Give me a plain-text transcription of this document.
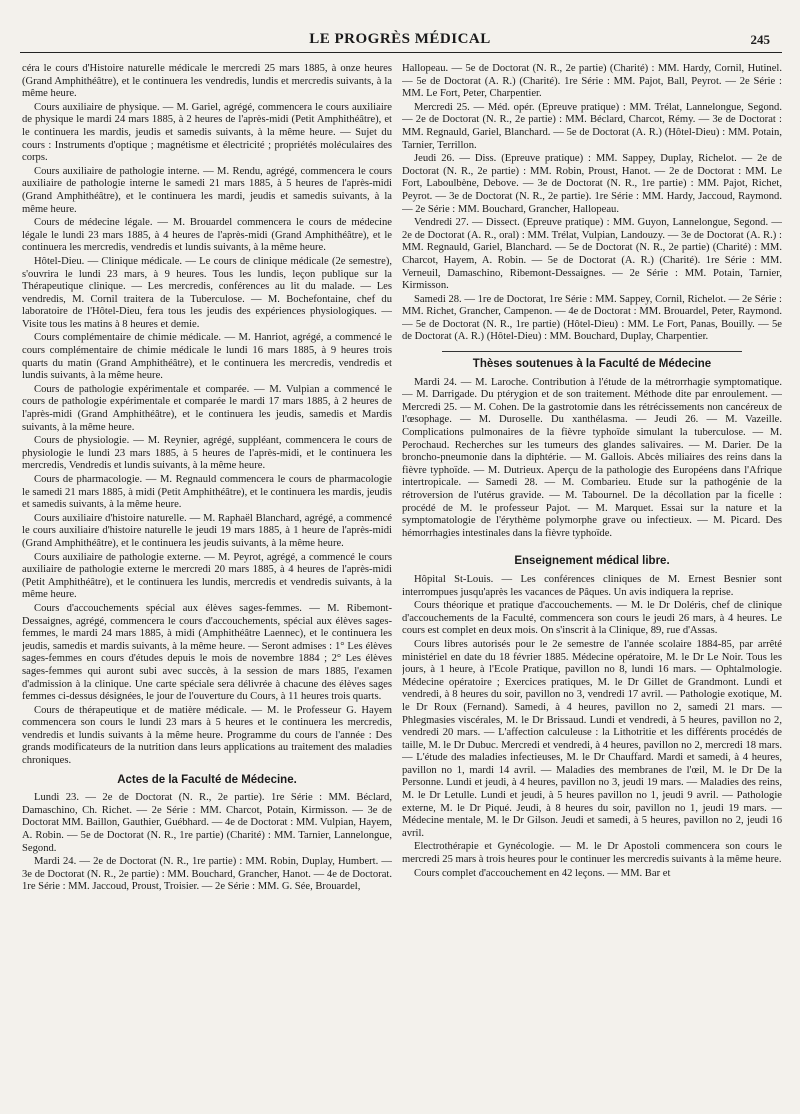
LE PROGRÈS MÉDICAL	245

céra le cours d'Histoire naturelle médicale le mercredi 25 mars 1885, à onze heures (Grand Amphithéâtre), et le continuera les vendredis, lundis et mercredis suivants, à la même heure.

Cours auxiliaire de physique. — M. Gariel, agrégé, commencera le cours auxiliaire de physique le mardi 24 mars 1885, à 2 heures de l'après-midi (Petit Amphithéâtre), et le continuera les mardis, jeudis et samedis suivants, à la même heure. — Sujet du cours : Instruments d'optique ; magnétisme et électricité ; propriétés moléculaires des corps.

Cours auxiliaire de pathologie interne. — M. Rendu, agrégé, commencera le cours auxiliaire de pathologie interne le samedi 21 mars 1885, à 5 heures de l'après-midi (Grand Amphithéâtre), et le continuera les mardi, jeudis et samedis suivants, à la même heure.

Cours de médecine légale. — M. Brouardel commencera le cours de médecine légale le lundi 23 mars 1885, à 4 heures de l'après-midi (Grand Amphithéâtre), et le continuera les mercredis, vendredis et lundis suivants, à la même heure.

Hôtel-Dieu. — Clinique médicale. — Le cours de clinique médicale (2e semestre), s'ouvrira le lundi 23 mars, à 9 heures. Tous les lundis, leçon publique sur la Thérapeutique clinique. — Les mercredis, conférences au lit du malade. — Les vendredis, M. Cornil traitera de la Tuberculose. — M. Bochefontaine, chef du laboratoire de l'Hôtel-Dieu, fera tous les jeudis des expériences physiologiques. — Visite tous les matins à 8 heures et demie.

Cours complémentaire de chimie médicale. — M. Hanriot, agrégé, a commencé le cours complémentaire de chimie médicale le lundi 16 mars 1885, à 9 heures trois quarts du matin (Grand Amphithéâtre), et le continuera les mercredis, vendredis et lundis suivants, à la même heure.

Cours de pathologie expérimentale et comparée. — M. Vulpian a commencé le cours de pathologie expérimentale et comparée le mardi 17 mars 1885, à 2 heures de l'après-midi (Grand Amphithéâtre), et le continuera les jeudis, samedis et Mardis suivants, à la même heure.

Cours de physiologie. — M. Reynier, agrégé, suppléant, commencera le cours de physiologie le lundi 23 mars 1885, à 5 heures de l'après-midi, et le continuera les mercredis, Vendredis et lundis suivants, à la même heure.

Cours de pharmacologie. — M. Regnauld commencera le cours de pharmacologie le samedi 21 mars 1885, à midi (Petit Amphithéâtre), et le continuera les mardis, jeudis et samedis suivants, à la même heure.

Cours auxiliaire d'histoire naturelle. — M. Raphaël Blanchard, agrégé, a commencé le cours auxiliaire d'histoire naturelle le jeudi 19 mars 1885, à 1 heure de l'après-midi (Grand Amphithéâtre), et le continuera les jeudis suivants, à la même heure.

Cours auxiliaire de pathologie externe. — M. Peyrot, agrégé, a commencé le cours auxiliaire de pathologie externe le mercredi 20 mars 1885, à 4 heures de l'après-midi (Petit Amphithéâtre), et le continuera les lundis, mercredis et vendredis suivants, à la même heure.

Cours d'accouchements spécial aux élèves sages-femmes. — M. Ribemont-Dessaignes, agrégé, commencera le cours d'accouchements, spécial aux élèves sages-femmes, le mardi 24 mars 1885, à midi (Amphithéâtre Laennec), et le continuera les jeudis, samedis et mardis suivants, à la même heure. — Seront admises : 1° Les élèves sages-femmes en cours d'études depuis le mois de novembre 1884 ; 2° Les élèves sages-femmes qui auront subi avec succès, à la session de mars 1885, l'examen d'admission à la clinique. Une carte spéciale sera délivrée à chacune des élèves sages femmes ci-dessus désignées, le jour de l'ouverture du Cours, à 11 heures trois quarts.

Cours de thérapeutique et de matière médicale. — M. le Professeur G. Hayem commencera son cours le lundi 23 mars à 5 heures et le continuera les mercredis, vendredis et lundis suivants à la même heure. Programme du cours de l'année : Des grands modificateurs de la nutrition dans leurs applications au traitement des maladies chroniques.

Actes de la Faculté de Médecine.

Lundi 23. — 2e de Doctorat (N. R., 2e partie). 1re Série : MM. Béclard, Damaschino, Ch. Richet. — 2e Série : MM. Charcot, Potain, Kirmisson. — 3e de Doctorat MM. Baillon, Gauthier, Guébhard. — 4e de Doctorat : MM. Vulpian, Hayem, A. Robin. — 5e de Doctorat (N. R., 1re partie) (Charité) : MM. Tarnier, Lannelongue, Segond.

Mardi 24. — 2e de Doctorat (N. R., 1re partie) : MM. Robin, Duplay, Humbert. — 3e de Doctorat (N. R., 2e partie) : MM. Bouchard, Grancher, Hanot. — 4e de Doctorat. 1re Série : MM. Jaccoud, Proust, Troisier. — 2e Série : MM. G. Sée, Brouardel,

Hallopeau. — 5e de Doctorat (N. R., 2e partie) (Charité) : MM. Hardy, Cornil, Hutinel. — 5e de Doctorat (A. R.) (Charité). 1re Série : MM. Pajot, Ball, Peyrot. — 2e Série : MM. Le Fort, Peter, Charpentier.

Mercredi 25. — Méd. opér. (Epreuve pratique) : MM. Trélat, Lannelongue, Segond. — 2e de Doctorat (N. R., 2e partie) : MM. Béclard, Charcot, Rémy. — 3e de Doctorat : MM. Regnauld, Gariel, Blanchard. — 5e de Doctorat (A. R.) (Hôtel-Dieu) : MM. Potain, Tarnier, Terrillon.

Jeudi 26. — Diss. (Epreuve pratique) : MM. Sappey, Duplay, Richelot. — 2e de Doctorat (N. R., 2e partie) : MM. Robin, Proust, Hanot. — 2e de Doctorat : MM. Le Fort, Laboulbène, Debove. — 3e de Doctorat (N. R., 1re partie) : MM. Pajot, Richet, Peyrot. — 3e de Doctorat (N. R., 2e partie). 1re Série : MM. Hardy, Jaccoud, Raymond. — 2e Série : MM. Bouchard, Grancher, Hallopeau.

Vendredi 27. — Dissect. (Epreuve pratique) : MM. Guyon, Lannelongue, Segond. — 2e de Doctorat (A. R., oral) : MM. Trélat, Vulpian, Landouzy. — 3e de Doctorat (A. R.) : MM. Regnauld, Gariel, Blanchard. — 5e de Doctorat (N. R., 2e partie) (Charité) : MM. Charcot, Hayem, A. Robin. — 5e de Doctorat (A. R.) (Charité). 1re Série : MM. Verneuil, Damaschino, Ribemont-Dessaignes. — 2e Série : MM. Potain, Tarnier, Kirmisson.

Samedi 28. — 1re de Doctorat, 1re Série : MM. Sappey, Cornil, Richelot. — 2e Série : MM. Richet, Grancher, Campenon. — 4e de Doctorat : MM. Brouardel, Peter, Raymond. — 5e de Doctorat (N. R., 1re partie) (Hôtel-Dieu) : MM. Le Fort, Panas, Bouilly. — 5e de Doctorat (A. R.) (Hôtel-Dieu) : MM. Bouchard, Duplay, Charpentier.

Thèses soutenues à la Faculté de Médecine

Mardi 24. — M. Laroche. Contribution à l'étude de la métrorrhagie symptomatique. — M. Darrigade. Du ptérygion et de son traitement. Méthode dite par enroulement. — Mercredi 25. — M. Cohen. De la gastrotomie dans les rétrécissements non cancéreux de l'œsophage. — M. Duroselle. Du xanthélasma. — Jeudi 26. — M. Vazeille. Complications pulmonaires de la fièvre typhoïde simulant la tuberculose. — M. Perochaud. Recherches sur les tumeurs des glandes salivaires. — M. Darier. De la broncho-pneumonie dans la diphtérie. — M. Gallois. Abcès miliaires des reins dans la fièvre typhoïde. — M. Dutrieux. Aperçu de la pathologie des Européens dans l'Afrique intertropicale. — Samedi 28. — M. Combarieu. Etude sur la pathogénie de la rétroversion de l'utérus gravide. — M. Tabournel. De la décollation par la ficelle : procédé de M. le professeur Pajot. — M. Marquet. Essai sur la nature et la symptomatologie de l'érythème polymorphe grave ou infectieux. — M. Picard. Des hémorrhagies intestinales dans la fièvre typhoïde.

Enseignement médical libre.

Hôpital St-Louis. — Les conférences cliniques de M. Ernest Besnier sont interrompues jusqu'après les vacances de Pâques. Un avis indiquera la reprise.

Cours théorique et pratique d'accouchements. — M. le Dr Doléris, chef de clinique d'accouchements de la Faculté, commencera son cours le jeudi 26 mars, à 4 heures. Le cours est complet en deux mois. On s'inscrit à la Clinique, 89, rue d'Assas.

Cours libres autorisés pour le 2e semestre de l'année scolaire 1884-85, par arrêté ministériel en date du 18 février 1885. Médecine opératoire, M. le Dr Le Noir. Tous les jours, à 1 heure, à l'Ecole Pratique, pavillon no 8, lundi 16 mars. — Ophtalmologie. Médecine opératoire ; Exercices pratiques, M. le Dr Gillet de Grandmont. Lundi et vendredi, à 8 heures du soir, pavillon no 3, vendredi 17 avril. — Pathologie exotique, M. le Dr Roux (Fernand). Samedi, à 4 heures, pavillon no 2, samedi 21 mars. — Phlegmasies viscérales, M. le Dr Brissaud. Lundi et vendredi, à 5 heures, pavillon no 2, vendredi 20 mars. — L'affection calculeuse : la Lithotritie et les différents procédés de taille, M. le Dr Dubuc. Mercredi et vendredi, à 4 heures, pavillon no 2, mercredi 18 mars. — L'étude des maladies infectieuses, M. le Dr Chauffard. Mardi et samedi, à 4 heures, pavillon no 1, mardi 14 avril. — Maladies des membranes de l'œil, M. le Dr De la Personne. Lundi et jeudi, à 4 heures, pavillon no 3, jeudi 19 mars. — Maladies des reins, M. le Dr Letulle. Lundi et jeudi, à 5 heures pavillon no 1, jeudi 9 avril. — Pathologie externe, M. le Dr Piqué. Jeudi, à 8 heures du soir, pavillon no 1, jeudi 19 mars. — Médecine mentale, M. le Dr Gilson. Jeudi et samedi, à 5 heures, pavillon no 2, jeudi 16 avril.

Electrothérapie et Gynécologie. — M. le Dr Apostoli commencera son cours le mercredi 25 mars à trois heures pour le continuer les mercredis suivants à la même heure.

Cours complet d'accouchement en 42 leçons. — MM. Bar et
